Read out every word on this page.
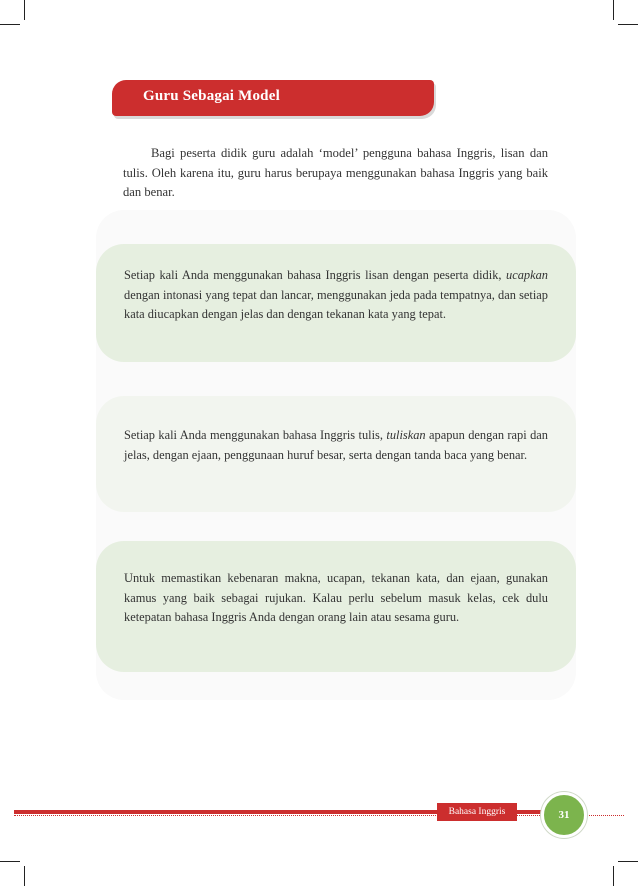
Guru Sebagai Model

Bagi peserta didik guru adalah ‘model’ pengguna bahasa Inggris, lisan dan tulis. Oleh karena itu, guru harus berupaya menggunakan bahasa Inggris yang baik dan benar.

Setiap kali Anda menggunakan bahasa Inggris lisan dengan peserta didik, ucapkan dengan intonasi yang tepat dan lancar, menggunakan jeda pada tempatnya, dan setiap kata diucapkan dengan jelas dan dengan tekanan kata yang tepat.
Setiap kali Anda menggunakan bahasa Inggris tulis, tuliskan apapun dengan rapi dan jelas, dengan ejaan, penggunaan huruf besar, serta dengan tanda baca yang benar.
Untuk memastikan kebenaran makna, ucapan, tekanan kata, dan ejaan, gunakan kamus yang baik sebagai rujukan. Kalau perlu sebelum masuk kelas, cek dulu ketepatan bahasa Inggris Anda dengan orang lain atau sesama guru.
Bahasa Inggris	31
